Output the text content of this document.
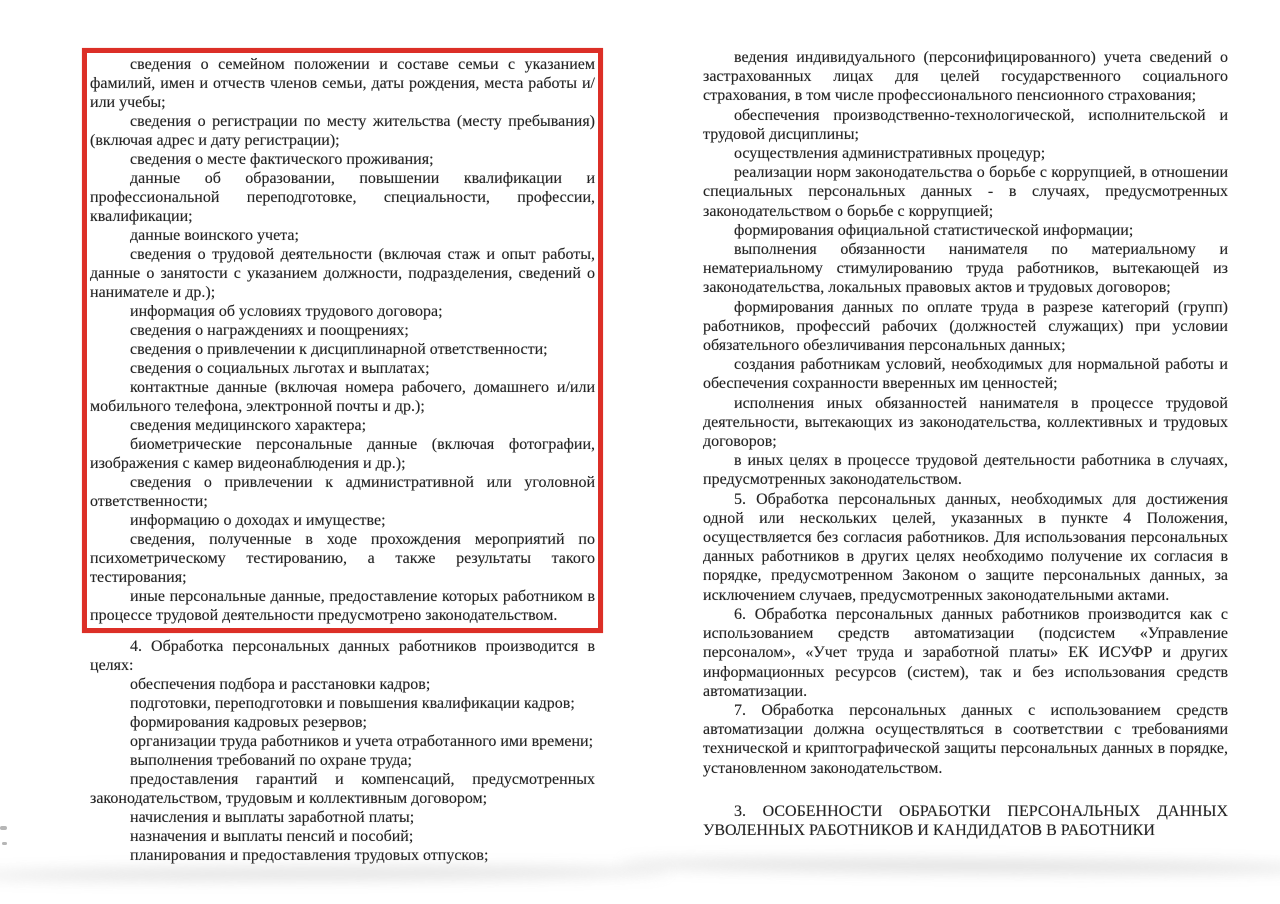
сведения о семейном положении и составе семьи с указанием фамилий, имен и отчеств членов семьи, даты рождения, места работы и/или учебы;

сведения о регистрации по месту жительства (месту пребывания) (включая адрес и дату регистрации);

сведения о месте фактического проживания;

данные об образовании, повышении квалификации и профессиональной переподготовке, специальности, профессии, квалификации;

данные воинского учета;

сведения о трудовой деятельности (включая стаж и опыт работы, данные о занятости с указанием должности, подразделения, сведений о нанимателе и др.);

информация об условиях трудового договора;

сведения о награждениях и поощрениях;

сведения о привлечении к дисциплинарной ответственности;

сведения о социальных льготах и выплатах;

контактные данные (включая номера рабочего, домашнего и/или мобильного телефона, электронной почты и др.);

сведения медицинского характера;

биометрические персональные данные (включая фотографии, изображения с камер видеонаблюдения и др.);

сведения о привлечении к административной или уголовной ответственности;

информацию о доходах и имуществе;

сведения, полученные в ходе прохождения мероприятий по психометрическому тестированию, а также результаты такого тестирования;

иные персональные данные, предоставление которых работником в процессе трудовой деятельности предусмотрено законодательством.

4. Обработка персональных данных работников производится в целях:

обеспечения подбора и расстановки кадров;

подготовки, переподготовки и повышения квалификации кадров;

формирования кадровых резервов;

организации труда работников и учета отработанного ими времени;

выполнения требований по охране труда;

предоставления гарантий и компенсаций, предусмотренных законодательством, трудовым и коллективным договором;

начисления и выплаты заработной платы;

назначения и выплаты пенсий и пособий;

планирования и предоставления трудовых отпусков;

ведения индивидуального (персонифицированного) учета сведений о застрахованных лицах для целей государственного социального страхования, в том числе профессионального пенсионного страхования;

обеспечения производственно-технологической, исполнительской и трудовой дисциплины;

осуществления административных процедур;

реализации норм законодательства о борьбе с коррупцией, в отношении специальных персональных данных - в случаях, предусмотренных законодательством о борьбе с коррупцией;

формирования официальной статистической информации;

выполнения обязанности нанимателя по материальному и нематериальному стимулированию труда работников, вытекающей из законодательства, локальных правовых актов и трудовых договоров;

формирования данных по оплате труда в разрезе категорий (групп) работников, профессий рабочих (должностей служащих) при условии обязательного обезличивания персональных данных;

создания работникам условий, необходимых для нормальной работы и обеспечения сохранности вверенных им ценностей;

исполнения иных обязанностей нанимателя в процессе трудовой деятельности, вытекающих из законодательства, коллективных и трудовых договоров;

в иных целях в процессе трудовой деятельности работника в случаях, предусмотренных законодательством.

5. Обработка персональных данных, необходимых для достижения одной или нескольких целей, указанных в пункте 4 Положения, осуществляется без согласия работников. Для использования персональных данных работников в других целях необходимо получение их согласия в порядке, предусмотренном Законом о защите персональных данных, за исключением случаев, предусмотренных законодательными актами.

6. Обработка персональных данных работников производится как с использованием средств автоматизации (подсистем «Управление персоналом», «Учет труда и заработной платы» ЕК ИСУФР и других информационных ресурсов (систем), так и без использования средств автоматизации.

7. Обработка персональных данных с использованием средств автоматизации должна осуществляться в соответствии с требованиями технической и криптографической защиты персональных данных в порядке, установленном законодательством.

3. ОСОБЕННОСТИ ОБРАБОТКИ ПЕРСОНАЛЬНЫХ ДАННЫХ УВОЛЕННЫХ РАБОТНИКОВ И КАНДИДАТОВ В РАБОТНИКИ
